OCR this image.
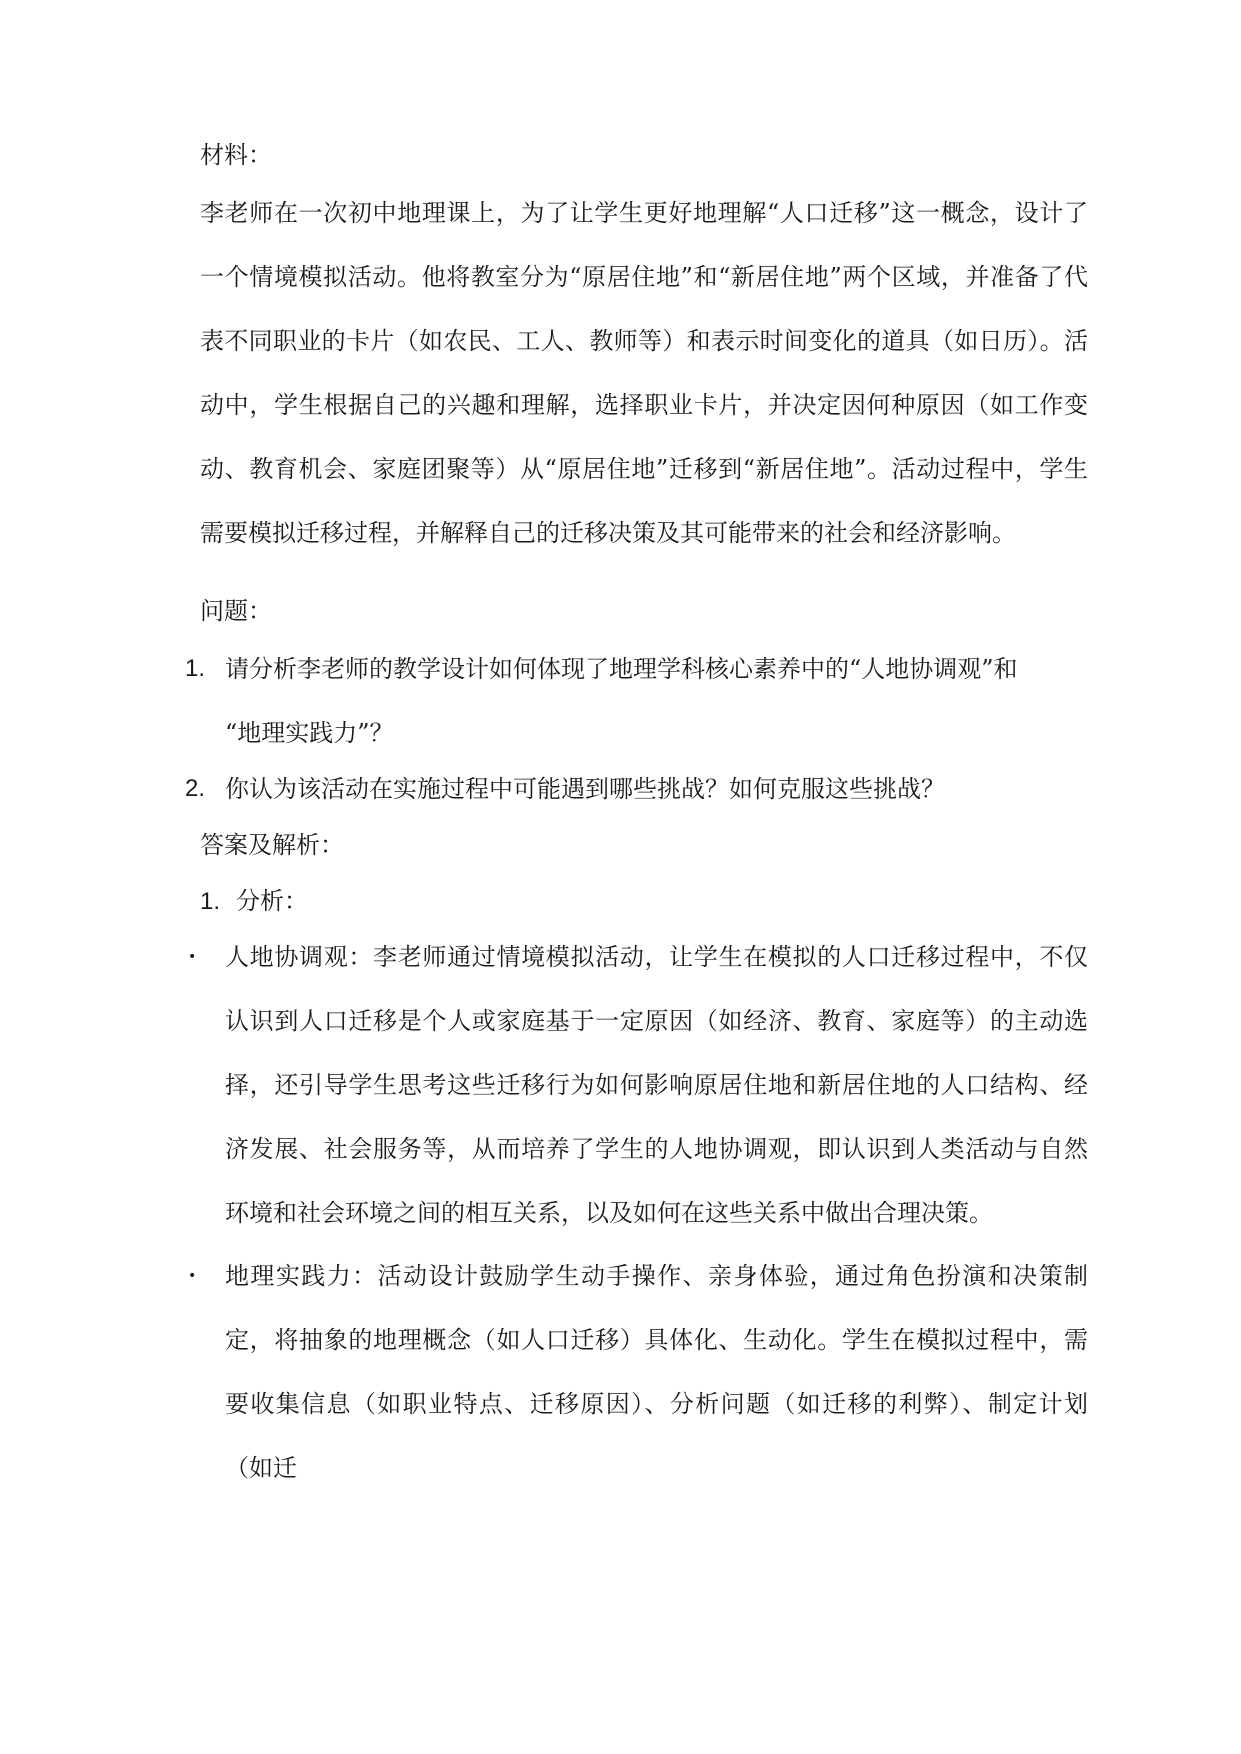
材料：
李老师在一次初中地理课上，为了让学生更好地理解“人口迁移”这一概念，设计了一个情境模拟活动。他将教室分为“原居住地”和“新居住地”两个区域，并准备了代表不同职业的卡片（如农民、工人、教师等）和表示时间变化的道具（如日历）。活动中，学生根据自己的兴趣和理解，选择职业卡片，并决定因何种原因（如工作变动、教育机会、家庭团聚等）从“原居住地”迁移到“新居住地”。活动过程中，学生需要模拟迁移过程，并解释自己的迁移决策及其可能带来的社会和经济影响。
问题：
1. 请分析李老师的教学设计如何体现了地理学科核心素养中的“人地协调观”和
“地理实践力”？
2. 你认为该活动在实施过程中可能遇到哪些挑战？如何克服这些挑战？
答案及解析：
1. 分析：
• 人地协调观：李老师通过情境模拟活动，让学生在模拟的人口迁移过程中，不仅认识到人口迁移是个人或家庭基于一定原因（如经济、教育、家庭等）的主动选择，还引导学生思考这些迁移行为如何影响原居住地和新居住地的人口结构、经济发展、社会服务等，从而培养了学生的人地协调观，即认识到人类活动与自然环境和社会环境之间的相互关系，以及如何在这些关系中做出合理决策。
• 地理实践力：活动设计鼓励学生动手操作、亲身体验，通过角色扮演和决策制定，将抽象的地理概念（如人口迁移）具体化、生动化。学生在模拟过程中，需要收集信息（如职业特点、迁移原因）、分析问题（如迁移的利弊）、制定计划（如迁
